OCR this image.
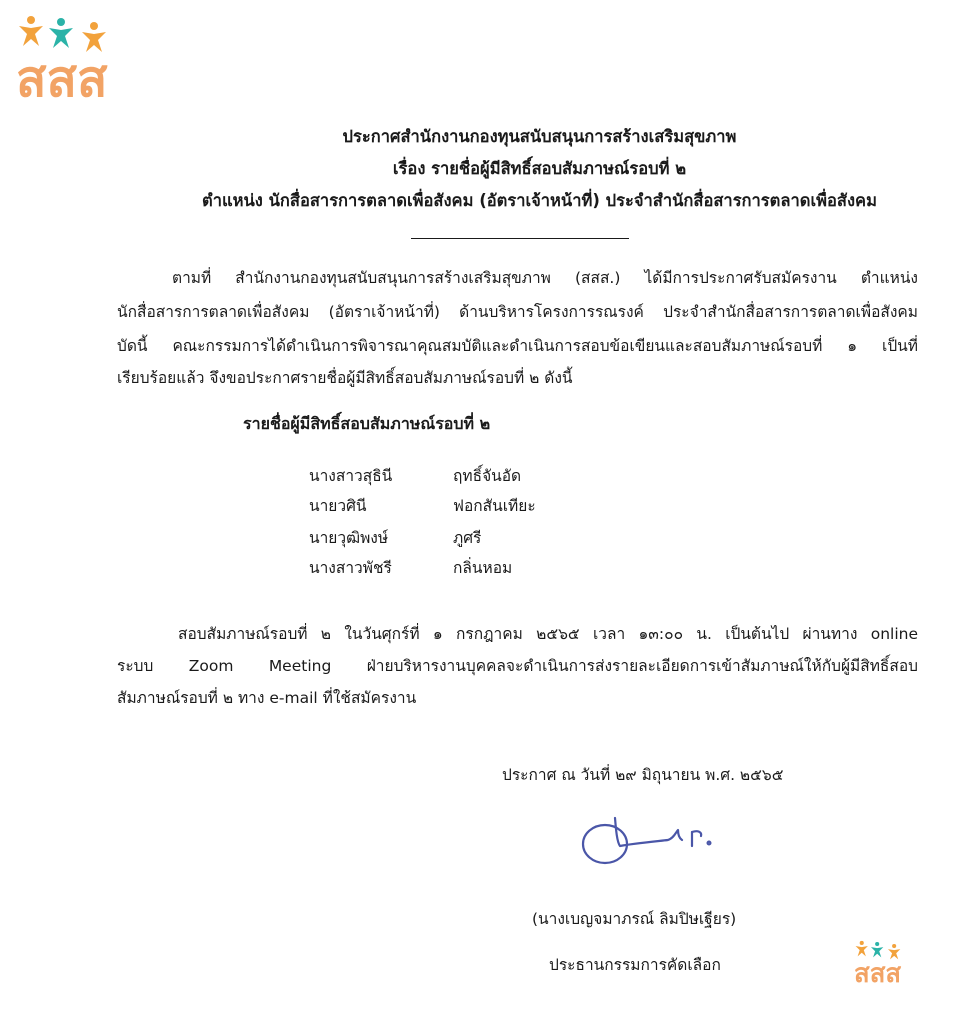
สสส
ประกาศสำนักงานกองทุนสนับสนุนการสร้างเสริมสุขภาพ
เรื่อง รายชื่อผู้มีสิทธิ์สอบสัมภาษณ์รอบที่ ๒
ตำแหน่ง นักสื่อสารการตลาดเพื่อสังคม (อัตราเจ้าหน้าที่) ประจำสำนักสื่อสารการตลาดเพื่อสังคม
ตามที่ สำนักงานกองทุนสนับสนุนการสร้างเสริมสุขภาพ (สสส.) ได้มีการประกาศรับสมัครงาน ตำแหน่ง
นักสื่อสารการตลาดเพื่อสังคม (อัตราเจ้าหน้าที่) ด้านบริหารโครงการรณรงค์ ประจำสำนักสื่อสารการตลาดเพื่อสังคม
บัดนี้ คณะกรรมการได้ดำเนินการพิจารณาคุณสมบัติและดำเนินการสอบข้อเขียนและสอบสัมภาษณ์รอบที่ ๑ เป็นที่
เรียบร้อยแล้ว จึงขอประกาศรายชื่อผู้มีสิทธิ์สอบสัมภาษณ์รอบที่ ๒ ดังนี้
รายชื่อผู้มีสิทธิ์สอบสัมภาษณ์รอบที่ ๒
นางสาวสุธินี	ฤทธิ์จันอัด
นายวศินี	ฟอกสันเทียะ
นายวุฒิพงษ์	ภูศรี
นางสาวพัชรี	กลิ่นหอม
สอบสัมภาษณ์รอบที่ ๒ ในวันศุกร์ที่ ๑ กรกฎาคม ๒๕๖๕ เวลา ๑๓:๐๐ น. เป็นต้นไป ผ่านทาง online
ระบบ Zoom Meeting ฝ่ายบริหารงานบุคคลจะดำเนินการส่งรายละเอียดการเข้าสัมภาษณ์ให้กับผู้มีสิทธิ์สอบ
สัมภาษณ์รอบที่ ๒ ทาง e-mail ที่ใช้สมัครงาน
ประกาศ ณ วันที่ ๒๙ มิถุนายน พ.ศ. ๒๕๖๕
(นางเบญจมาภรณ์ ลิมปิษเฐียร)
ประธานกรรมการคัดเลือก	สสส
